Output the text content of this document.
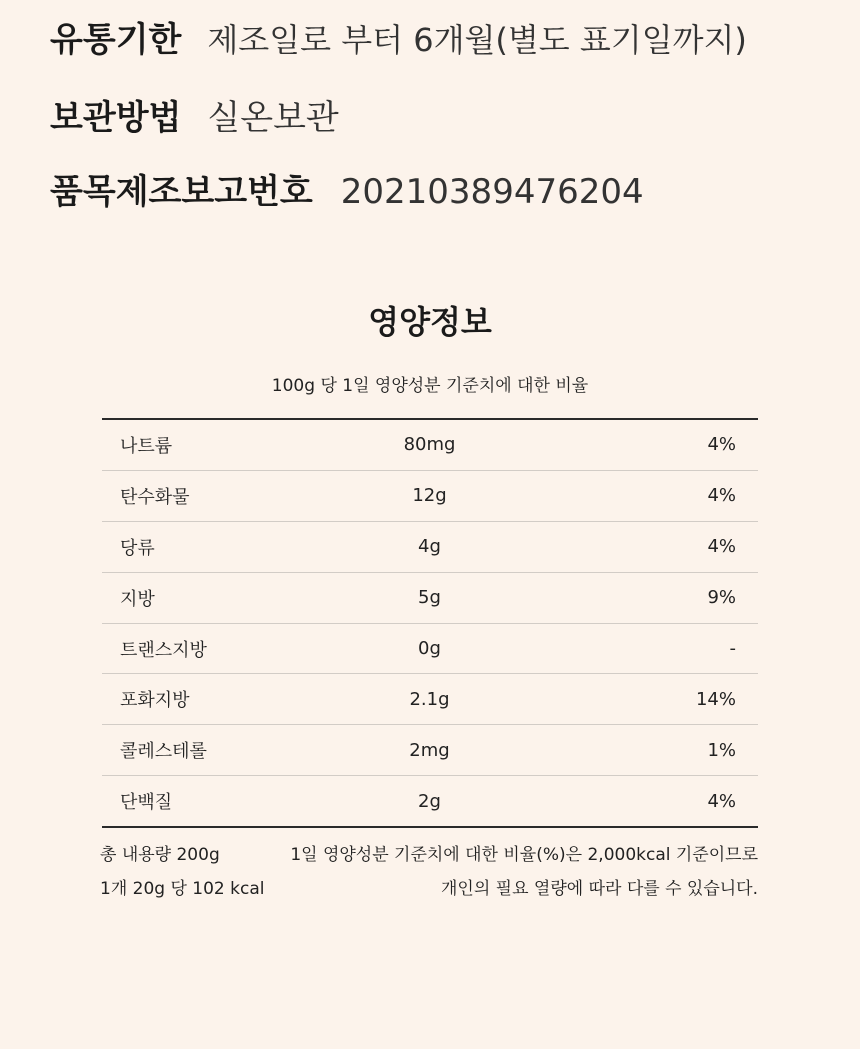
유통기한 제조일로 부터 6개월(별도 표기일까지)
보관방법 실온보관
품목제조보고번호 20210389476204
영양정보
100g 당 1일 영양성분 기준치에 대한 비율
나트륨	80mg	4%
탄수화물	12g	4%
당류	4g	4%
지방	5g	9%
트랜스지방	0g	-
포화지방	2.1g	14%
콜레스테롤	2mg	1%
단백질	2g	4%
총 내용량 200g
1개 20g 당 102 kcal
1일 영양성분 기준치에 대한 비율(%)은 2,000kcal 기준이므로
개인의 필요 열량에 따라 다를 수 있습니다.
